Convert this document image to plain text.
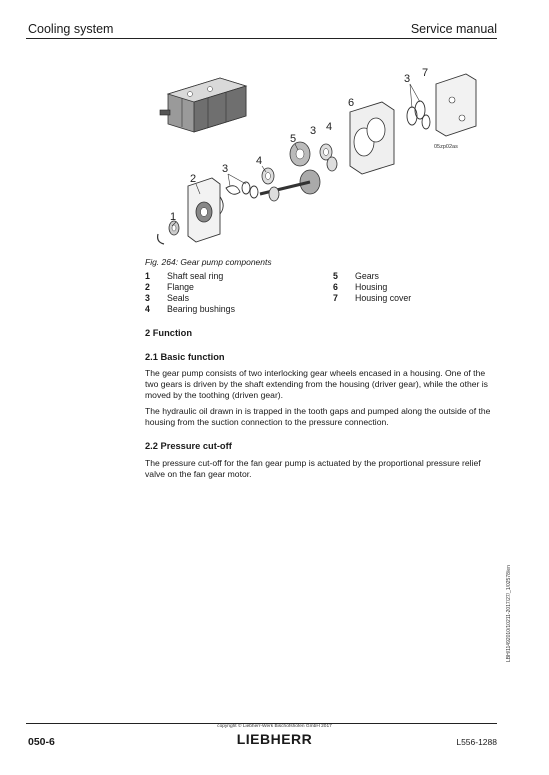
Cooling system	Service manual
1
2
3
4
5
3 4
6
3 7
05zp02as
Fig. 264: Gear pump components
1 Shaft seal ring
2 Flange
3 Seals
4 Bearing bushings
5 Gears
6 Housing
7 Housing cover
2 Function
2.1 Basic function

The gear pump consists of two interlocking gear wheels encased in a housing. One of the two gears is driven by the shaft extending from the housing (driver gear), while the other is moved by the toothing (driven gear).

The hydraulic oil drawn in is trapped in the tooth gaps and pumped along the outside of the housing from the suction connection to the pressure connection.

2.2 Pressure cut-off

The pressure cut-off for the fan gear pump is actuated by the proportional pressure relief valve on the fan gear motor.

LBH/11492010/10211-2017/27/_1/02578/en
copyright © Liebherr-Werk Bischofshofen GmbH 2017
050-6	LIEBHERR	L556-1288
